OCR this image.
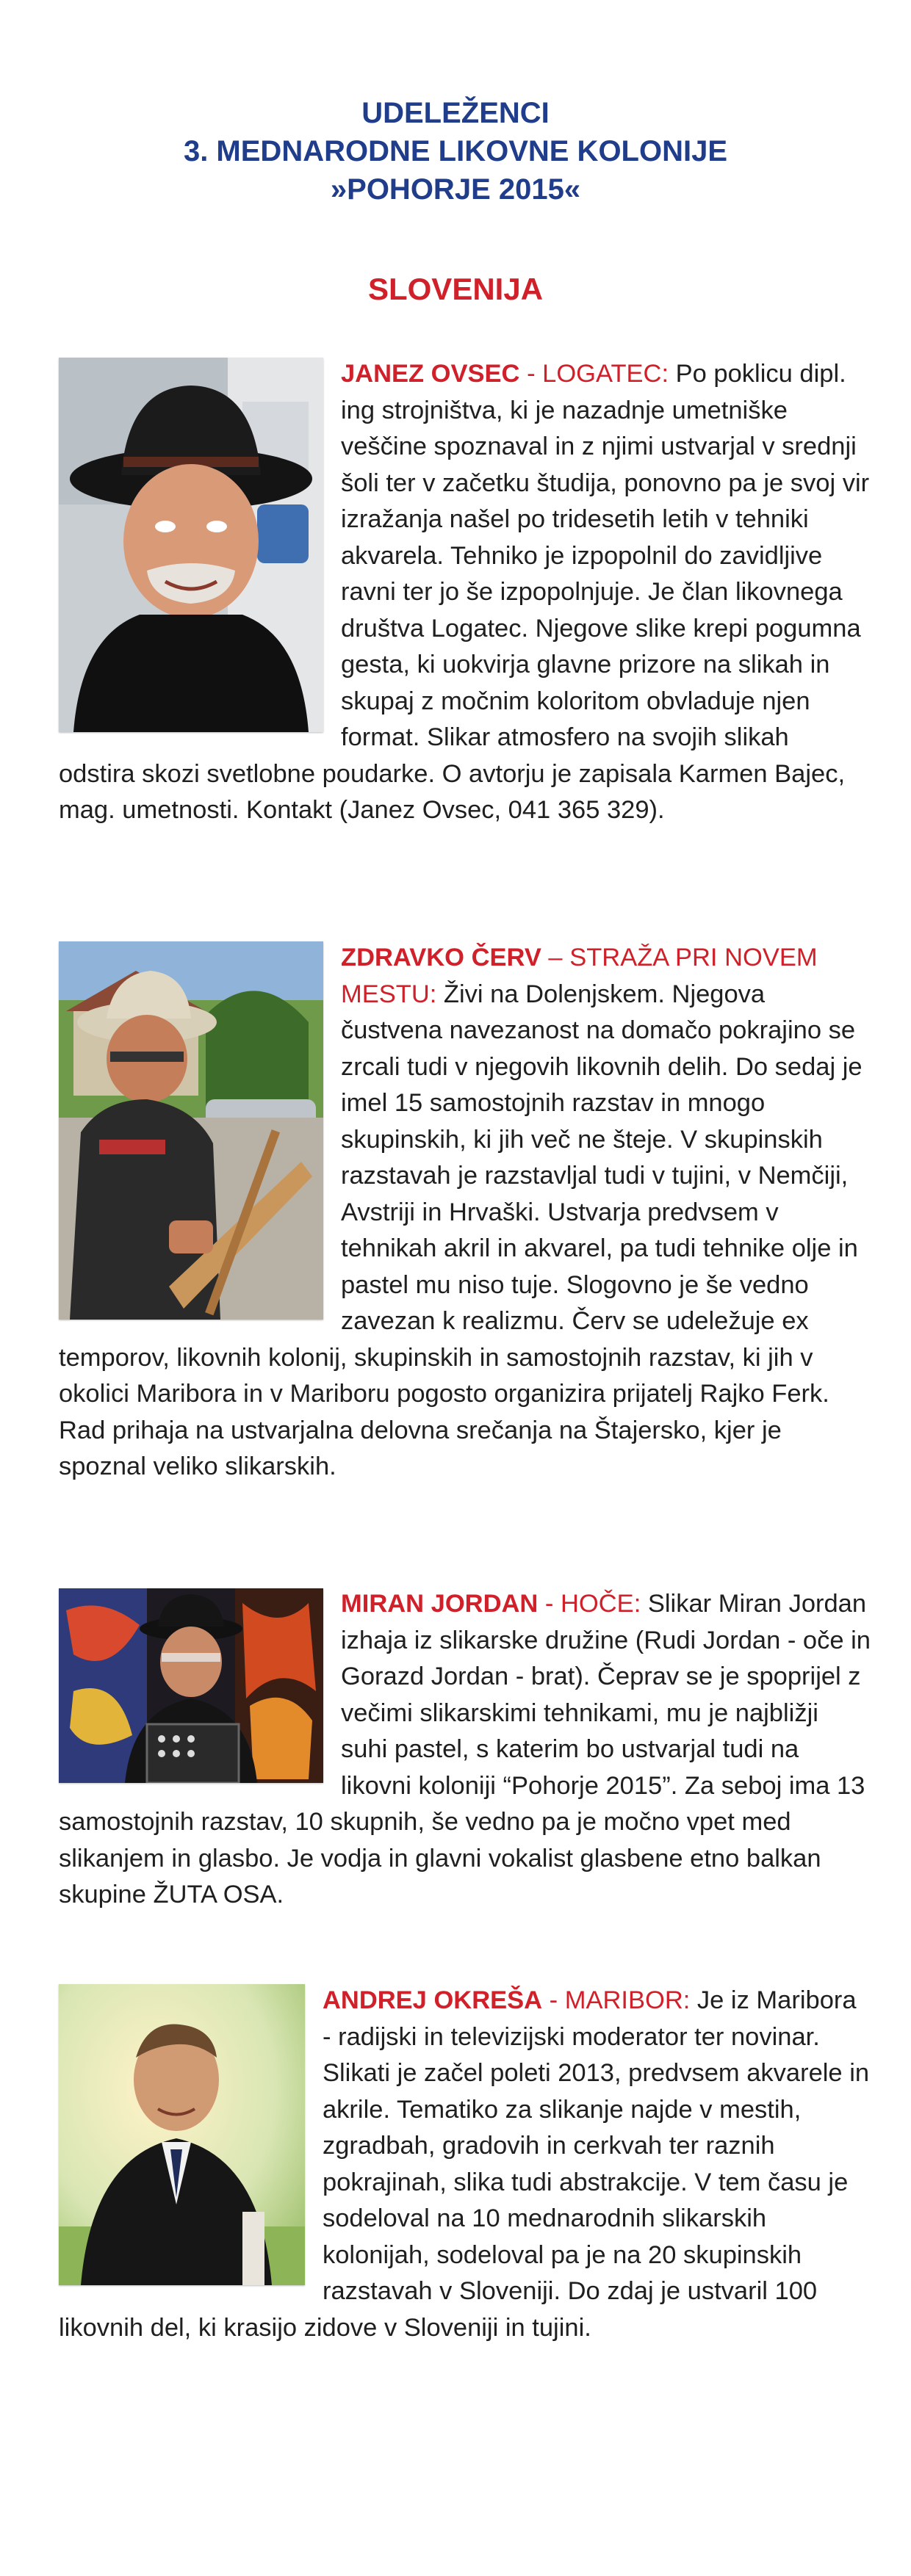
UDELEŽENCI
3. MEDNARODNE LIKOVNE KOLONIJE
»POHORJE 2015«
SLOVENIJA

JANEZ OVSEC - LOGATEC: Po poklicu dipl. ing strojništva, ki je nazadnje umetniške veščine spoznaval in z njimi ustvarjal v srednji šoli ter v začetku študija, ponovno pa je svoj vir izražanja našel po tridesetih letih v tehniki akvarela. Tehniko je izpopolnil do zavidljive ravni ter jo še izpopolnjuje. Je član likovnega društva Logatec. Njegove slike krepi pogumna gesta, ki uokvirja glavne prizore na slikah in skupaj z močnim koloritom obvladuje njen format. Slikar atmosfero na svojih slikah odstira skozi svetlobne poudarke. O avtorju je zapisala Karmen Bajec, mag. umetnosti. Kontakt (Janez Ovsec, 041 365 329).

ZDRAVKO ČERV – STRAŽA PRI NOVEM MESTU: Živi na Dolenjskem. Njegova čustvena navezanost na domačo pokrajino se zrcali tudi v njegovih likovnih delih. Do sedaj je imel 15 samostojnih razstav in mnogo skupinskih, ki jih več ne šteje. V skupinskih razstavah je razstavljal tudi v tujini, v Nemčiji, Avstriji in Hrvaški. Ustvarja predvsem v tehnikah akril in akvarel, pa tudi tehnike olje in pastel mu niso tuje. Slogovno je še vedno zavezan k realizmu. Červ se udeležuje ex temporov, likovnih kolonij, skupinskih in samostojnih razstav, ki jih v okolici Maribora in v Mariboru pogosto organizira prijatelj Rajko Ferk. Rad prihaja na ustvarjalna delovna srečanja na Štajersko, kjer je spoznal veliko slikarskih.

MIRAN JORDAN - HOČE: Slikar Miran Jordan izhaja iz slikarske družine (Rudi Jordan - oče in Gorazd Jordan - brat). Čeprav se je spoprijel z večimi slikarskimi tehnikami, mu je najbližji suhi pastel, s katerim bo ustvarjal tudi na likovni koloniji “Pohorje 2015”. Za seboj ima 13 samostojnih razstav, 10 skupnih, še vedno pa je močno vpet med slikanjem in glasbo. Je vodja in glavni vokalist glasbene etno balkan skupine ŽUTA OSA.

ANDREJ OKREŠA - MARIBOR: Je iz Maribora - radijski in televizijski moderator ter novinar. Slikati je začel poleti 2013, predvsem akvarele in akrile. Tematiko za slikanje najde v mestih, zgradbah, gradovih in cerkvah ter raznih pokrajinah, slika tudi abstrakcije. V tem času je sodeloval na 10 mednarodnih slikarskih kolonijah, sodeloval pa je na 20 skupinskih razstavah v Sloveniji. Do zdaj je ustvaril 100 likovnih del, ki krasijo zidove v Sloveniji in tujini.
